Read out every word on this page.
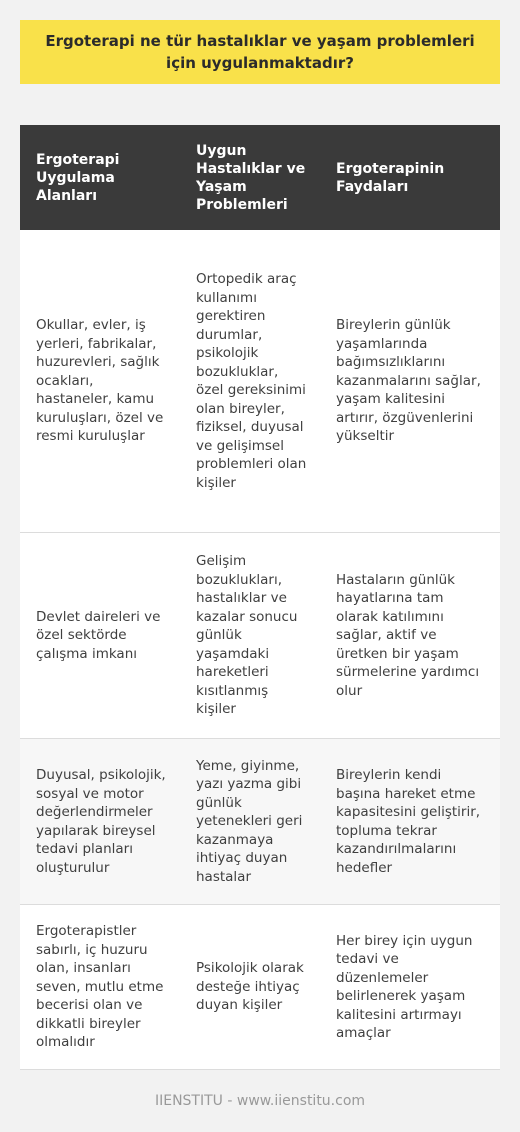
Ergoterapi ne tür hastalıklar ve yaşam problemleri için uygulanmaktadır?
Ergoterapi Uygulama Alanları	Uygun Hastalıklar ve Yaşam Problemleri	Ergoterapinin Faydaları
Okullar, evler, iş yerleri, fabrikalar, huzurevleri, sağlık ocakları, hastaneler, kamu kuruluşları, özel ve resmi kuruluşlar	Ortopedik araç kullanımı gerektiren durumlar, psikolojik bozukluklar, özel gereksinimi olan bireyler, fiziksel, duyusal ve gelişimsel problemleri olan kişiler	Bireylerin günlük yaşamlarında bağımsızlıklarını kazanmalarını sağlar, yaşam kalitesini artırır, özgüvenlerini yükseltir
Devlet daireleri ve özel sektörde çalışma imkanı	Gelişim bozuklukları, hastalıklar ve kazalar sonucu günlük yaşamdaki hareketleri kısıtlanmış kişiler	Hastaların günlük hayatlarına tam olarak katılımını sağlar, aktif ve üretken bir yaşam sürmelerine yardımcı olur
Duyusal, psikolojik, sosyal ve motor değerlendirmeler yapılarak bireysel tedavi planları oluşturulur	Yeme, giyinme, yazı yazma gibi günlük yetenekleri geri kazanmaya ihtiyaç duyan hastalar	Bireylerin kendi başına hareket etme kapasitesini geliştirir, topluma tekrar kazandırılmalarını hedefler
Ergoterapistler sabırlı, iç huzuru olan, insanları seven, mutlu etme becerisi olan ve dikkatli bireyler olmalıdır	Psikolojik olarak desteğe ihtiyaç duyan kişiler	Her birey için uygun tedavi ve düzenlemeler belirlenerek yaşam kalitesini artırmayı amaçlar
IIENSTITU - www.iienstitu.com
